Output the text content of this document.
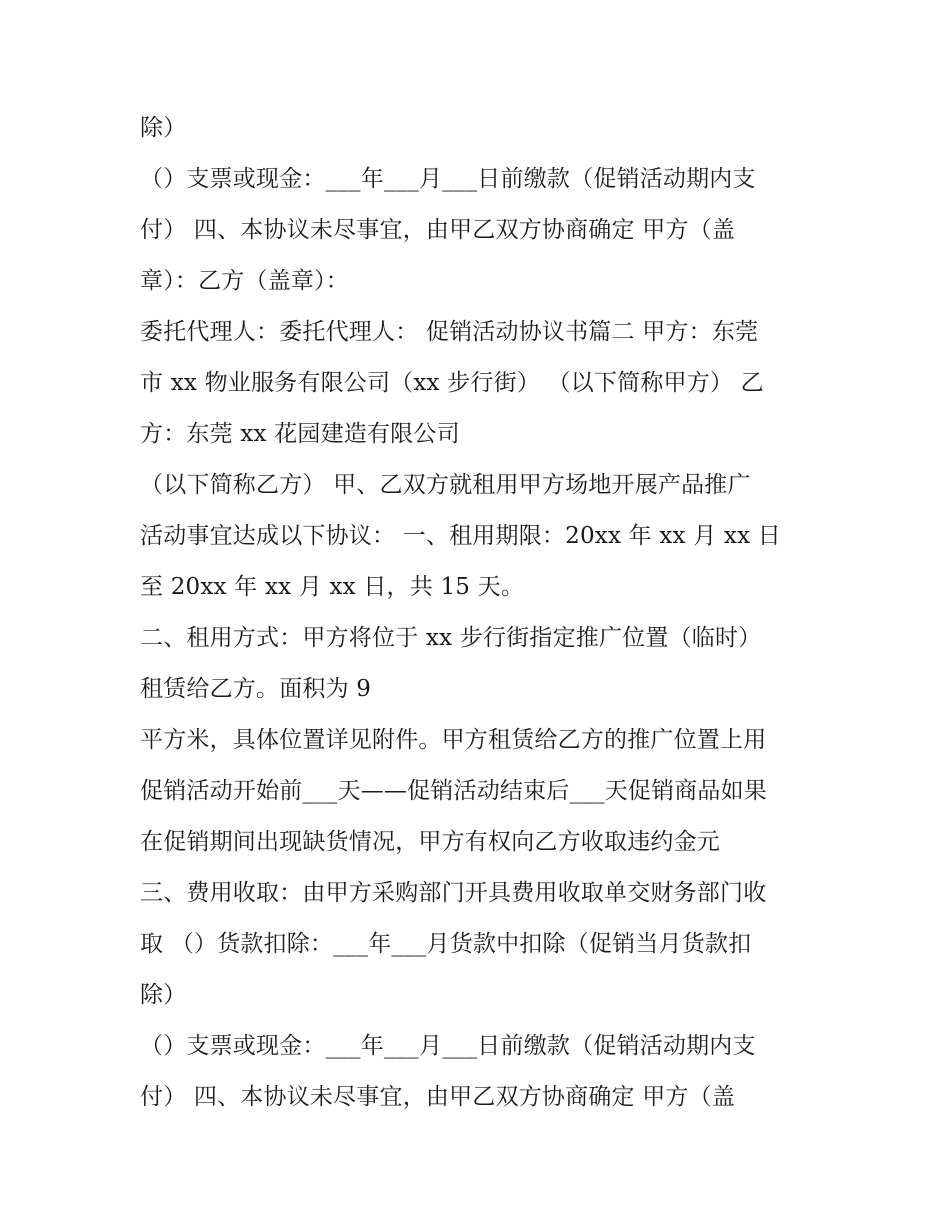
除）
（）支票或现金：___年___月___日前缴款（促销活动期内支
付） 四、本协议未尽事宜，由甲乙双方协商确定 甲方（盖
章）：乙方（盖章）：
委托代理人：委托代理人： 促销活动协议书篇二 甲方：东莞
市 xx 物业服务有限公司（xx 步行街） （以下简称甲方） 乙
方：东莞 xx 花园建造有限公司
（以下简称乙方） 甲、乙双方就租用甲方场地开展产品推广
活动事宜达成以下协议： 一、租用期限：20xx 年 xx 月 xx 日
至 20xx 年 xx 月 xx 日，共 15 天。
二、租用方式：甲方将位于 xx 步行街指定推广位置（临时）
租赁给乙方。面积为 9
平方米，具体位置详见附件。甲方租赁给乙方的推广位置上用
促销活动开始前___天——促销活动结束后___天促销商品如果
在促销期间出现缺货情况，甲方有权向乙方收取违约金元
三、费用收取：由甲方采购部门开具费用收取单交财务部门收
取 （）货款扣除：___年___月货款中扣除（促销当月货款扣
除）
（）支票或现金：___年___月___日前缴款（促销活动期内支
付） 四、本协议未尽事宜，由甲乙双方协商确定 甲方（盖
